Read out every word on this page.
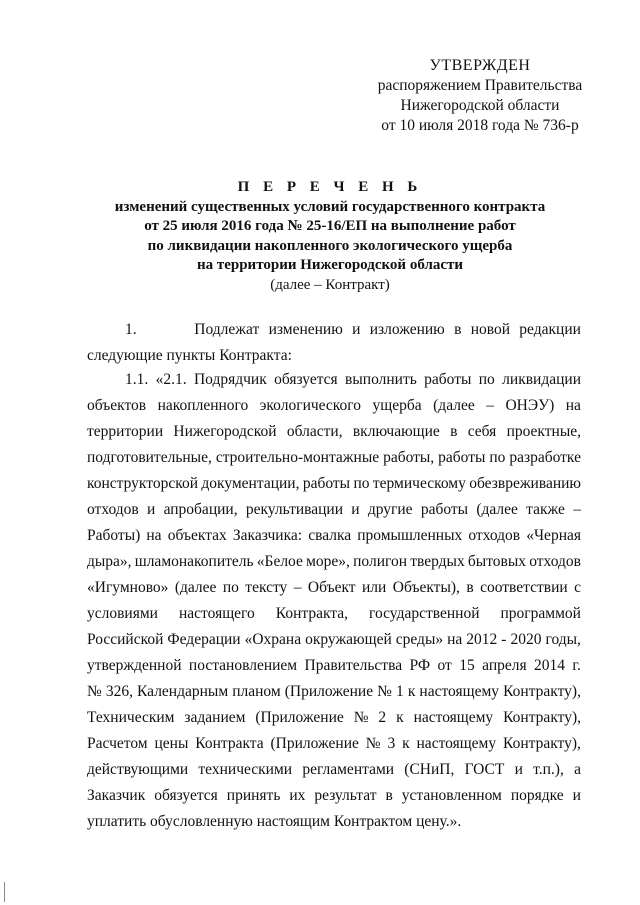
УТВЕРЖДЕН
распоряжением Правительства
Нижегородской области
от 10 июля 2018 года № 736-р
П Е Р Е Ч Е Н Ь
изменений существенных условий государственного контракта
от 25 июля 2016 года № 25-16/ЕП на выполнение работ
по ликвидации накопленного экологического ущерба
на территории Нижегородской области
(далее – Контракт)
1.	Подлежат изменению и изложению в новой редакции
следующие пункты Контракта:
1.1. «2.1. Подрядчик обязуется выполнить работы по ликвидации
объектов накопленного экологического ущерба (далее – ОНЭУ) на
территории Нижегородской области, включающие в себя проектные,
подготовительные, строительно-монтажные работы, работы по разработке
конструкторской документации, работы по термическому обезвреживанию
отходов и апробации, рекультивации и другие работы (далее также –
Работы) на объектах Заказчика: свалка промышленных отходов «Черная
дыра», шламонакопитель «Белое море», полигон твердых бытовых отходов
«Игумново» (далее по тексту – Объект или Объекты), в соответствии с
условиями настоящего Контракта, государственной программой
Российской Федерации «Охрана окружающей среды» на 2012 - 2020 годы,
утвержденной постановлением Правительства РФ от 15 апреля 2014 г.
№ 326, Календарным планом (Приложение № 1 к настоящему Контракту),
Техническим заданием (Приложение № 2 к настоящему Контракту),
Расчетом цены Контракта (Приложение № 3 к настоящему Контракту),
действующими техническими регламентами (СНиП, ГОСТ и т.п.), а
Заказчик обязуется принять их результат в установленном порядке и
уплатить обусловленную настоящим Контрактом цену.».
